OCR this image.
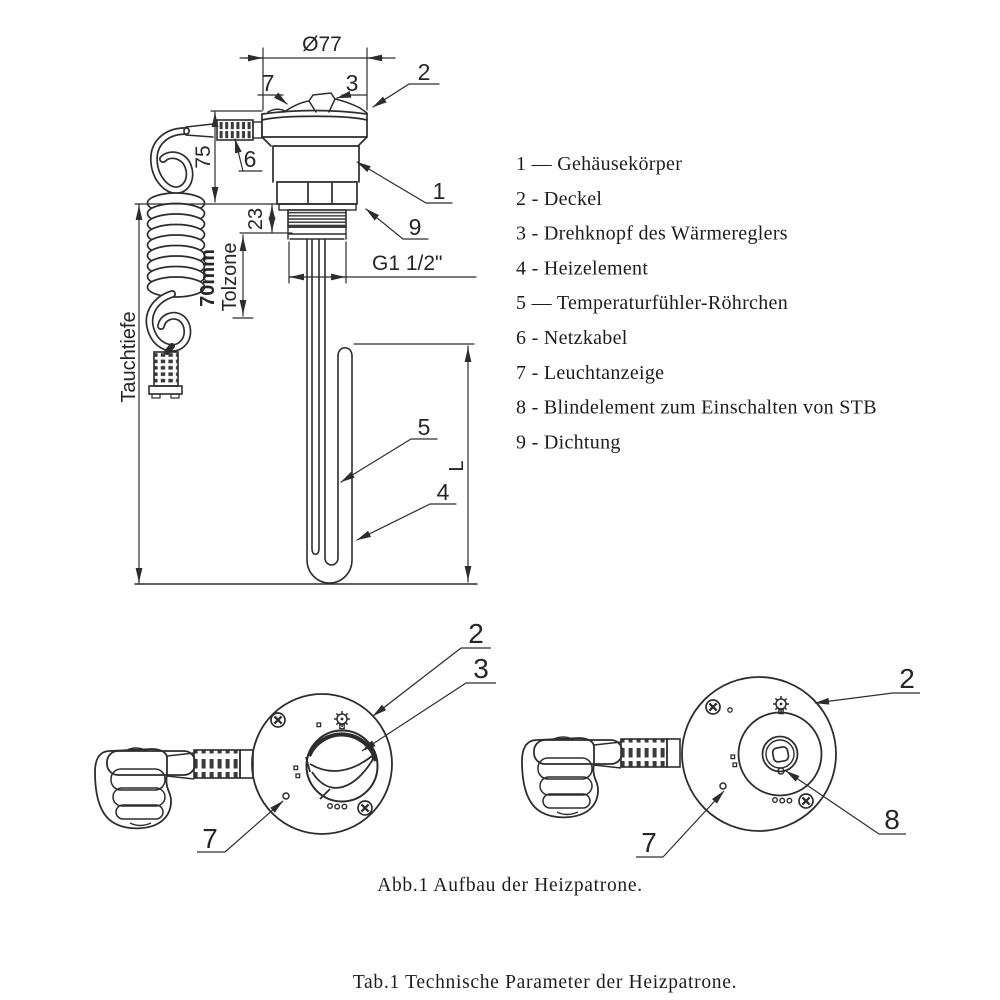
Ø77
75
23
70mm Tolzone
Tauchtiefe
G1 1/2"
L
7	3	2
1
9
6
5
4
1 — Gehäusekörper
2 - Deckel
3 - Drehknopf des Wärmereglers
4 - Heizelement
5 — Temperaturfühler-Röhrchen
6 - Netzkabel
7 - Leuchtanzeige
8 - Blindelement zum Einschalten von STB
9 - Dichtung
2
3
7
2
8
7
Abb.1 Aufbau der Heizpatrone.
Tab.1 Technische Parameter der Heizpatrone.
